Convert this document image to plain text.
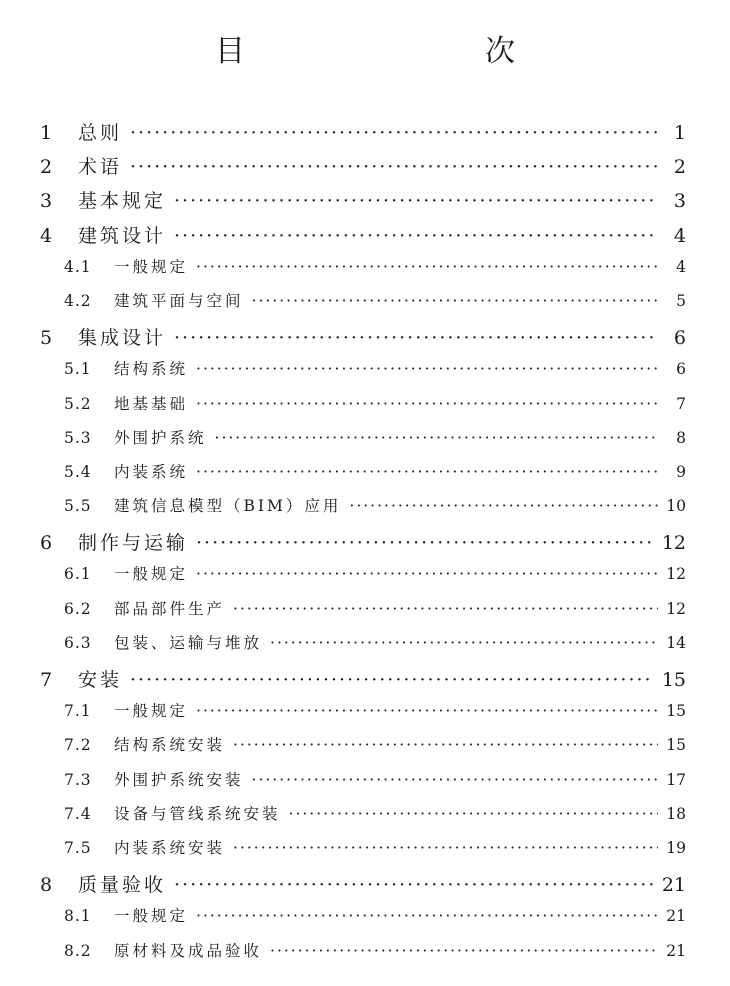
目　　次
1	总则 ·····	1
2	术语 ·····	2
3	基本规定 ·····	3
4	建筑设计 ·····	4
4.1	一般规定 ·····	4
4.2	建筑平面与空间 ·····	5
5	集成设计 ·····	6
5.1	结构系统 ·····	6
5.2	地基基础 ·····	7
5.3	外围护系统 ·····	8
5.4	内装系统 ·····	9
5.5	建筑信息模型（BIM）应用 ·····	10
6	制作与运输 ·····	12
6.1	一般规定 ·····	12
6.2	部品部件生产 ·····	12
6.3	包装、运输与堆放 ·····	14
7	安装 ·····	15
7.1	一般规定 ·····	15
7.2	结构系统安装 ·····	15
7.3	外围护系统安装 ·····	17
7.4	设备与管线系统安装 ·····	18
7.5	内装系统安装 ·····	19
8	质量验收 ·····	21
8.1	一般规定 ·····	21
8.2	原材料及成品验收 ·····	21
